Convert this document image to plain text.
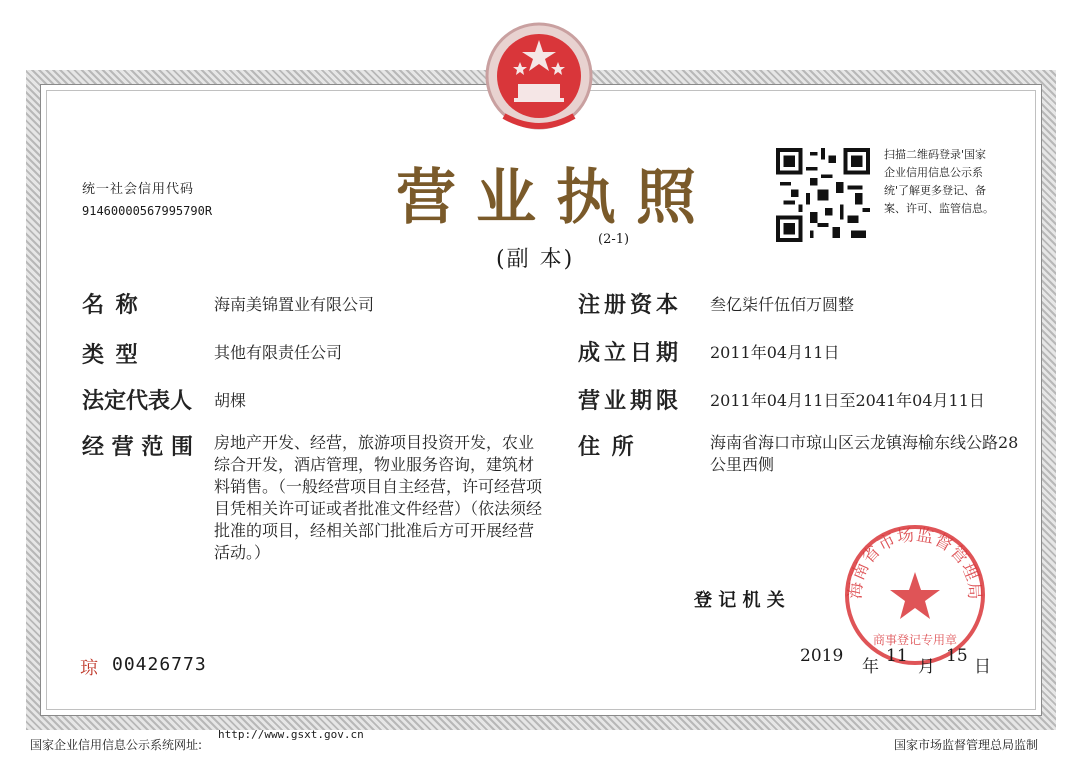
统一社会信用代码
91460000567995790R	营业执照
(副 本)
(2-1)
扫描二维码登录'国家企业信用信息公示系统'了解更多登记、备案、许可、监管信息。
名 称	海南美锦置业有限公司
类 型	其他有限责任公司
法定代表人 胡棵
经 营 范 围 房地产开发、经营，旅游项目投资开发，农业综合开发，酒店管理，物业服务咨询，建筑材料销售。（一般经营项目自主经营，许可经营项目凭相关许可证或者批准文件经营）（依法须经批准的项目，经相关部门批准后方可开展经营活动。）
注册资本 叁亿柒仟伍佰万圆整
成立日期 2011年04月11日
营业期限 2011年04月11日至2041年04月11日
住 所	海南省海口市琼山区云龙镇海榆东线公路28公里西侧
登 记 机 关	海南省市场监督管理局
商事登记专用章
2019
年
11
月
15
日
琼 00426773
国家企业信用信息公示系统网址:
http://www.gsxt.gov.cn
国家市场监督管理总局监制
